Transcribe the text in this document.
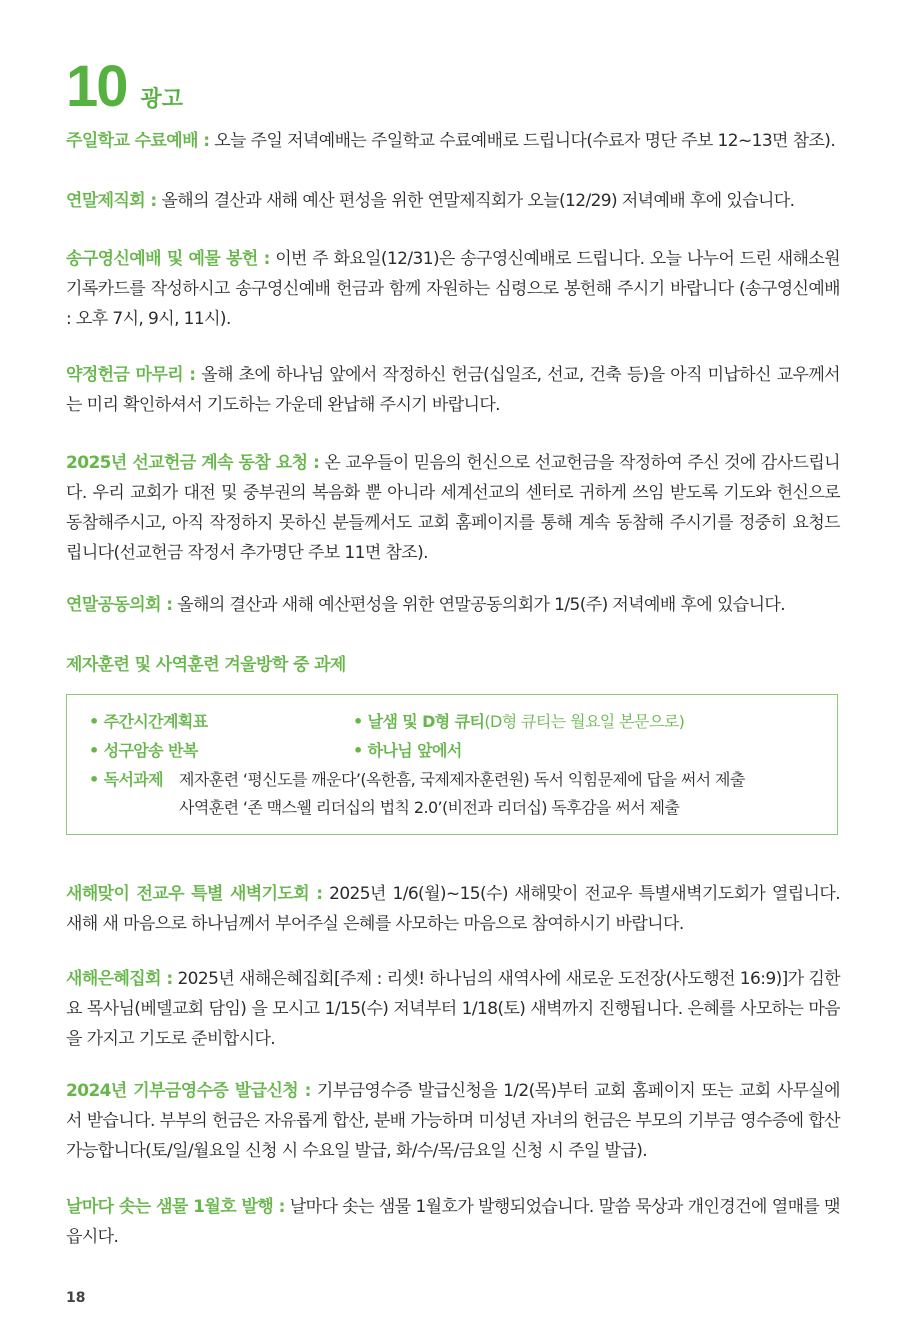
10 광고
주일학교 수료예배 : 오늘 주일 저녁예배는 주일학교 수료예배로 드립니다(수료자 명단 주보 12~13면 참조).
연말제직회 : 올해의 결산과 새해 예산 편성을 위한 연말제직회가 오늘(12/29) 저녁예배 후에 있습니다.
송구영신예배 및 예물 봉헌 : 이번 주 화요일(12/31)은 송구영신예배로 드립니다. 오늘 나누어 드린 새해소원기록카드를 작성하시고 송구영신예배 헌금과 함께 자원하는 심령으로 봉헌해 주시기 바랍니다 (송구영신예배 : 오후 7시, 9시, 11시).
약정헌금 마무리 : 올해 초에 하나님 앞에서 작정하신 헌금(십일조, 선교, 건축 등)을 아직 미납하신 교우께서는 미리 확인하셔서 기도하는 가운데 완납해 주시기 바랍니다.
2025년 선교헌금 계속 동참 요청 : 온 교우들이 믿음의 헌신으로 선교헌금을 작정하여 주신 것에 감사드립니다. 우리 교회가 대전 및 중부권의 복음화 뿐 아니라 세계선교의 센터로 귀하게 쓰임 받도록 기도와 헌신으로 동참해주시고, 아직 작정하지 못하신 분들께서도 교회 홈페이지를 통해 계속 동참해 주시기를 정중히 요청드립니다(선교헌금 작정서 추가명단 주보 11면 참조).
연말공동의회 : 올해의 결산과 새해 예산편성을 위한 연말공동의회가 1/5(주) 저녁예배 후에 있습니다.
제자훈련 및 사역훈련 겨울방학 중 과제
• 주간시간계획표	• 날샘 및 D형 큐티(D형 큐티는 월요일 본문으로)
• 성구암송 반복	• 하나님 앞에서
• 독서과제 제자훈련 ‘평신도를 깨운다’(옥한흠, 국제제자훈련원) 독서 익힘문제에 답을 써서 제출
사역훈련 ‘존 맥스웰 리더십의 법칙 2.0’(비전과 리더십) 독후감을 써서 제출
새해맞이 전교우 특별 새벽기도회 : 2025년 1/6(월)~15(수) 새해맞이 전교우 특별새벽기도회가 열립니다. 새해 새 마음으로 하나님께서 부어주실 은혜를 사모하는 마음으로 참여하시기 바랍니다.
새해은혜집회 : 2025년 새해은혜집회[주제 : 리셋! 하나님의 새역사에 새로운 도전장(사도행전 16:9)]가 김한요 목사님(베델교회 담임) 을 모시고 1/15(수) 저녁부터 1/18(토) 새벽까지 진행됩니다. 은혜를 사모하는 마음을 가지고 기도로 준비합시다.
2024년 기부금영수증 발급신청 : 기부금영수증 발급신청을 1/2(목)부터 교회 홈페이지 또는 교회 사무실에서 받습니다. 부부의 헌금은 자유롭게 합산, 분배 가능하며 미성년 자녀의 헌금은 부모의 기부금 영수증에 합산 가능합니다(토/일/월요일 신청 시 수요일 발급, 화/수/목/금요일 신청 시 주일 발급).
날마다 솟는 샘물 1월호 발행 : 날마다 솟는 샘물 1월호가 발행되었습니다. 말씀 묵상과 개인경건에 열매를 맺읍시다.
18
